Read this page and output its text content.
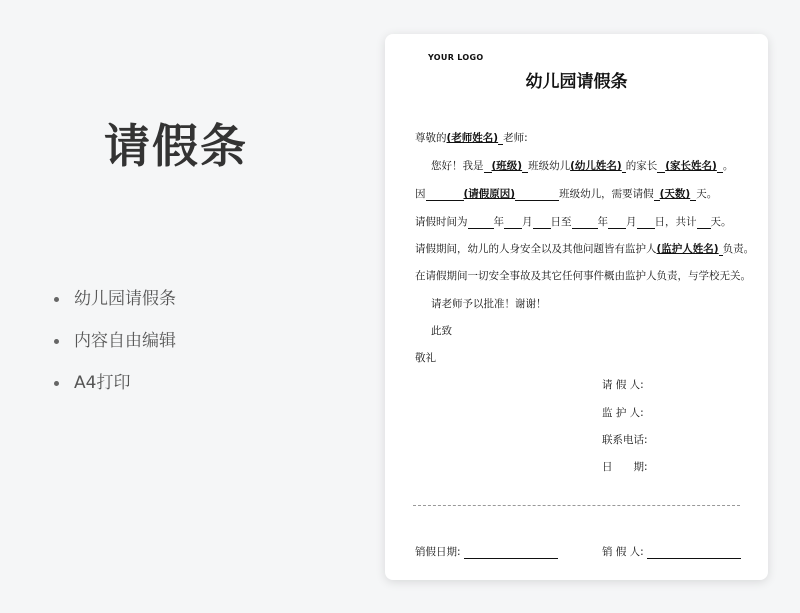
请假条
幼儿园请假条
内容自由编辑
A4打印
YOUR LOGO
幼儿园请假条
尊敬的(老师姓名) 老师:
您好！我是 (班级) 班级幼儿(幼儿姓名) 的家长 (家长姓名) 。
因	(请假原因)	班级幼儿，需要请假 (天数) 天。
请假时间为 年 月 日至 年 月 日，共计 天。
请假期间，幼儿的人身安全以及其他问题皆有监护人(监护人姓名) 负责。
在请假期间一切安全事故及其它任何事件概由监护人负责，与学校无关。
请老师予以批准！谢谢！
此致
敬礼
请 假 人:
监 护 人:
联系电话:
日　　期:
销假日期:	销 假 人:
